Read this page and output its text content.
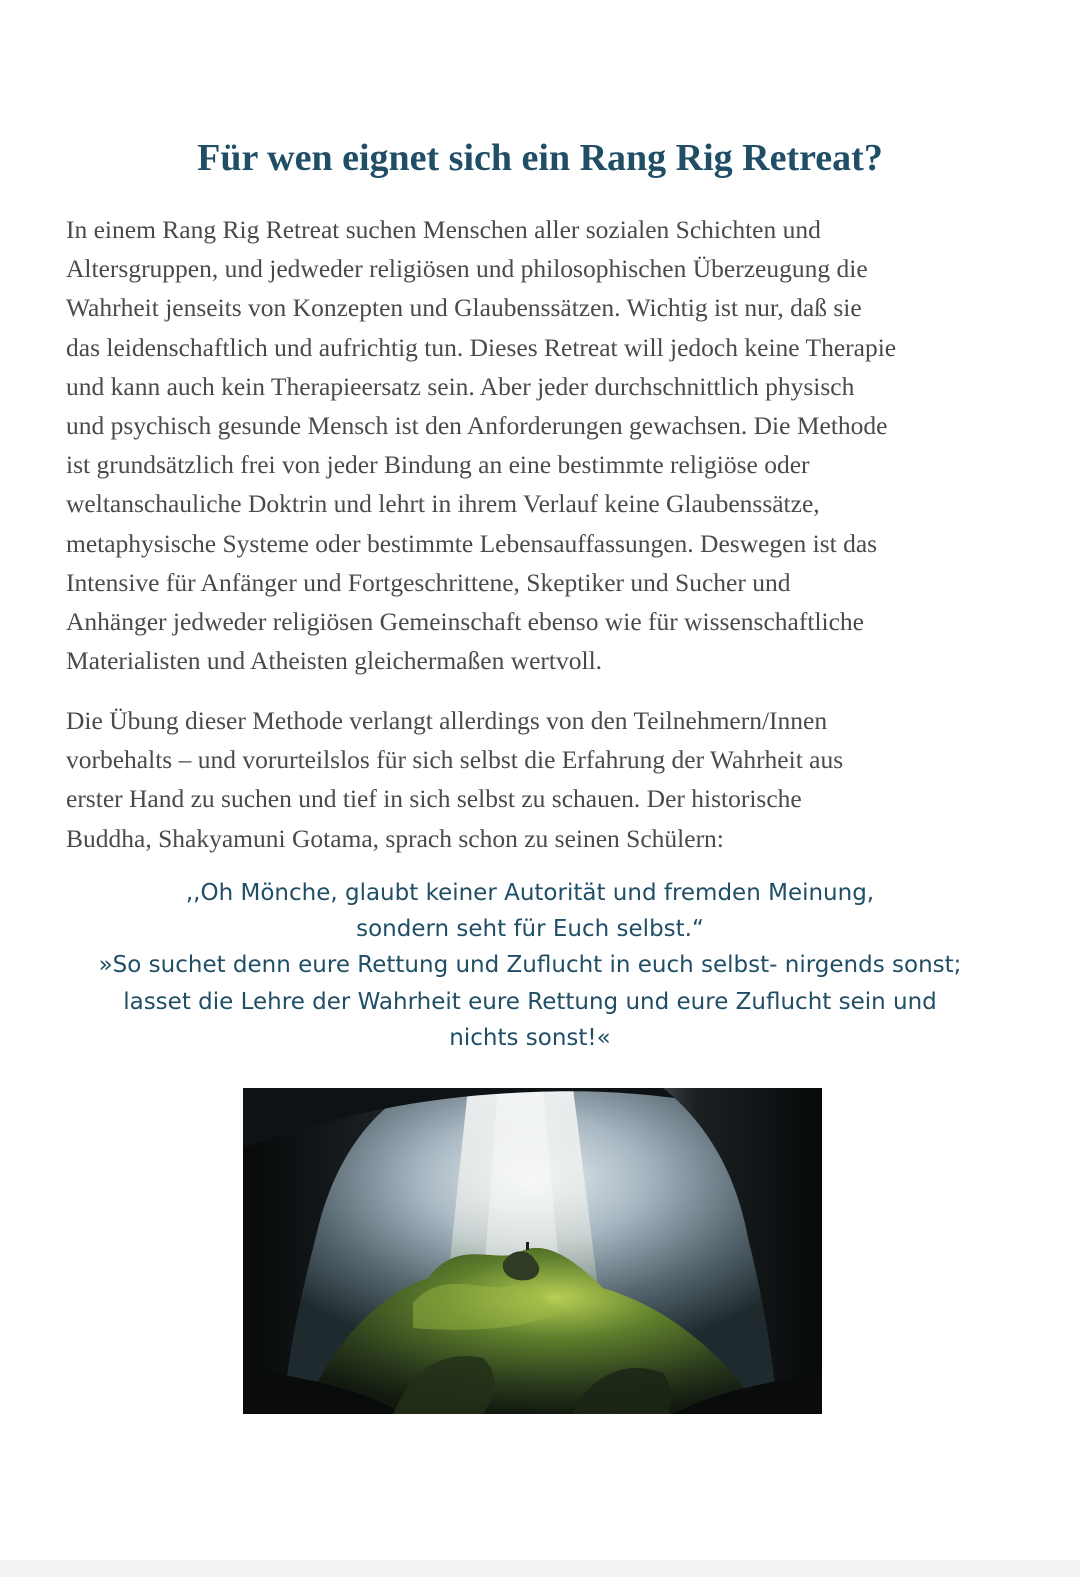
Für wen eignet sich ein Rang Rig Retreat?

In einem Rang Rig Retreat suchen Menschen aller sozialen Schichten und
Altersgruppen, und jedweder religiösen und philosophischen Überzeugung die
Wahrheit jenseits von Konzepten und Glaubenssätzen. Wichtig ist nur, daß sie
das leidenschaftlich und aufrichtig tun. Dieses Retreat will jedoch keine Therapie
und kann auch kein Therapieersatz sein. Aber jeder durchschnittlich physisch
und psychisch gesunde Mensch ist den Anforderungen gewachsen. Die Methode
ist grundsätzlich frei von jeder Bindung an eine bestimmte religiöse oder
weltanschauliche Doktrin und lehrt in ihrem Verlauf keine Glaubenssätze,
metaphysische Systeme oder bestimmte Lebensauffassungen. Deswegen ist das
Intensive für Anfänger und Fortgeschrittene, Skeptiker und Sucher und
Anhänger jedweder religiösen Gemeinschaft ebenso wie für wissenschaftliche
Materialisten und Atheisten gleichermaßen wertvoll.

Die Übung dieser Methode verlangt allerdings von den Teilnehmern/Innen
vorbehalts – und vorurteilslos für sich selbst die Erfahrung der Wahrheit aus
erster Hand zu suchen und tief in sich selbst zu schauen. Der historische
Buddha, Shakyamuni Gotama, sprach schon zu seinen Schülern:

,,Oh Mönche, glaubt keiner Autorität und fremden Meinung,
sondern seht für Euch selbst.“
»So suchet denn eure Rettung und Zuflucht in euch selbst- nirgends sonst;
lasset die Lehre der Wahrheit eure Rettung und eure Zuflucht sein und
nichts sonst!«
